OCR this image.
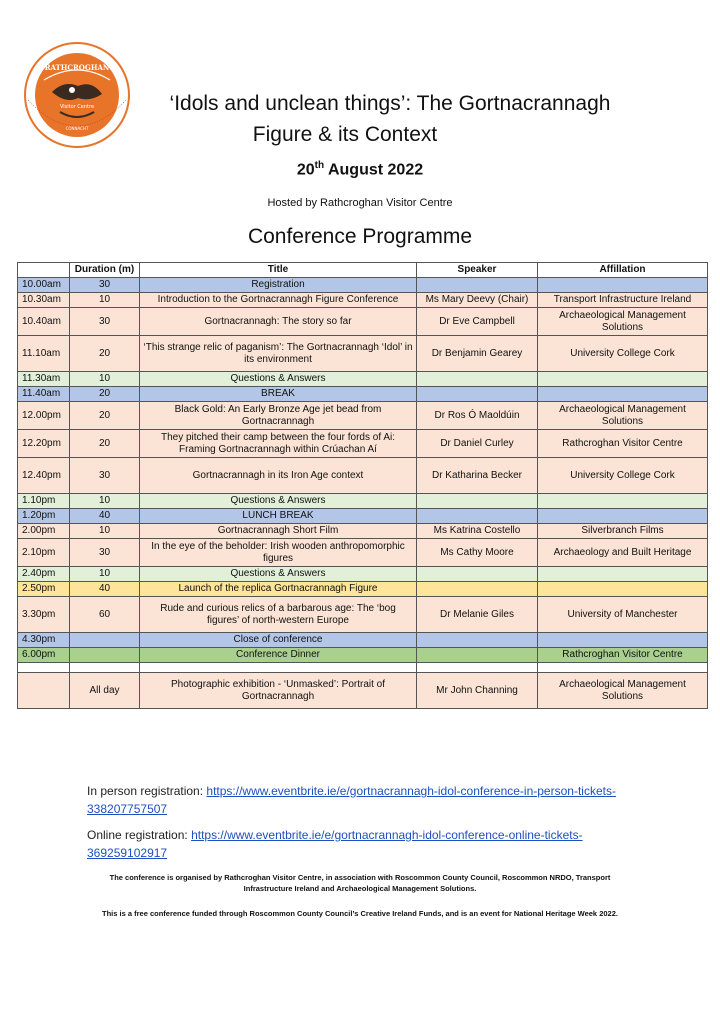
RATHCROGHAN
Visitor Centre
CONNACHT
‘Idols and unclean things’: The Gortnacrannagh

Figure & its Context
20th August 2022
Hosted by Rathcroghan Visitor Centre
Conference Programme
	Duration (m)	Title	Speaker	Affillation
10.00am	30	Registration		
10.30am	10	Introduction to the Gortnacrannagh Figure Conference	Ms Mary Deevy (Chair)	Transport Infrastructure Ireland
10.40am	30	Gortnacrannagh: The story so far	Dr Eve Campbell	Archaeological Management Solutions
11.10am	20	‘This strange relic of paganism’: The Gortnacrannagh ‘Idol’ in its environment	Dr Benjamin Gearey	University College Cork
11.30am	10	Questions & Answers		
11.40am	20	BREAK		
12.00pm	20	Black Gold: An Early Bronze Age jet bead from Gortnacrannagh	Dr Ros Ó Maoldúin	Archaeological Management Solutions
12.20pm	20	They pitched their camp between the four fords of Ai: Framing Gortnacrannagh within Crúachan Aí	Dr Daniel Curley	Rathcroghan Visitor Centre
12.40pm	30	Gortnacrannagh in its Iron Age context	Dr Katharina Becker	University College Cork
1.10pm	10	Questions & Answers		
1.20pm	40	LUNCH BREAK		
2.00pm	10	Gortnacrannagh Short Film	Ms Katrina Costello	Silverbranch Films
2.10pm	30	In the eye of the beholder: Irish wooden anthropomorphic figures	Ms Cathy Moore	Archaeology and Built Heritage
2.40pm	10	Questions & Answers		
2.50pm	40	Launch of the replica Gortnacrannagh Figure		
3.30pm	60	Rude and curious relics of a barbarous age: The ‘bog figures’ of north-western Europe	Dr Melanie Giles	University of Manchester
4.30pm		Close of conference		
6.00pm		Conference Dinner		Rathcroghan Visitor Centre

	All day	Photographic exhibition - ‘Unmasked’: Portrait of Gortnacrannagh	Mr John Channing	Archaeological Management Solutions
In person registration: https://www.eventbrite.ie/e/gortnacrannagh-idol-conference-in-person-tickets-338207757507
Online registration: https://www.eventbrite.ie/e/gortnacrannagh-idol-conference-online-tickets-369259102917
The conference is organised by Rathcroghan Visitor Centre, in association with Roscommon County Council, Roscommon NRDO, Transport Infrastructure Ireland and Archaeological Management Solutions.
This is a free conference funded through Roscommon County Council’s Creative Ireland Funds, and is an event for National Heritage Week 2022.
